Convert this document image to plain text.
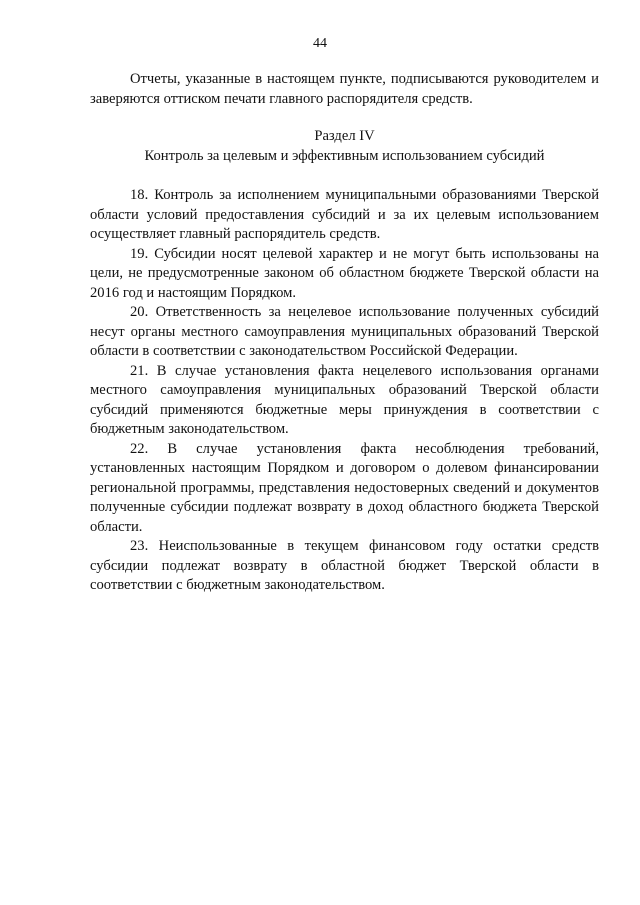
44

Отчеты, указанные в настоящем пункте, подписываются руководителем и заверяются оттиском печати главного распорядителя средств.

Раздел IV

Контроль за целевым и эффективным использованием субсидий

18. Контроль за исполнением муниципальными образованиями Тверской области условий предоставления субсидий и за их целевым использованием осуществляет главный распорядитель средств.

19. Субсидии носят целевой характер и не могут быть использованы на цели, не предусмотренные законом об областном бюджете Тверской области на 2016 год и настоящим Порядком.

20. Ответственность за нецелевое использование полученных субсидий несут органы местного самоуправления муниципальных образований Тверской области в соответствии с законодательством Российской Федерации.

21. В случае установления факта нецелевого использования органами местного самоуправления муниципальных образований Тверской области субсидий применяются бюджетные меры принуждения в соответствии с бюджетным законодательством.

22. В случае установления факта несоблюдения требований, установленных настоящим Порядком и договором о долевом финансировании региональной программы, представления недостоверных сведений и документов полученные субсидии подлежат возврату в доход областного бюджета Тверской области.

23. Неиспользованные в текущем финансовом году остатки средств субсидии подлежат возврату в областной бюджет Тверской области в соответствии с бюджетным законодательством.
